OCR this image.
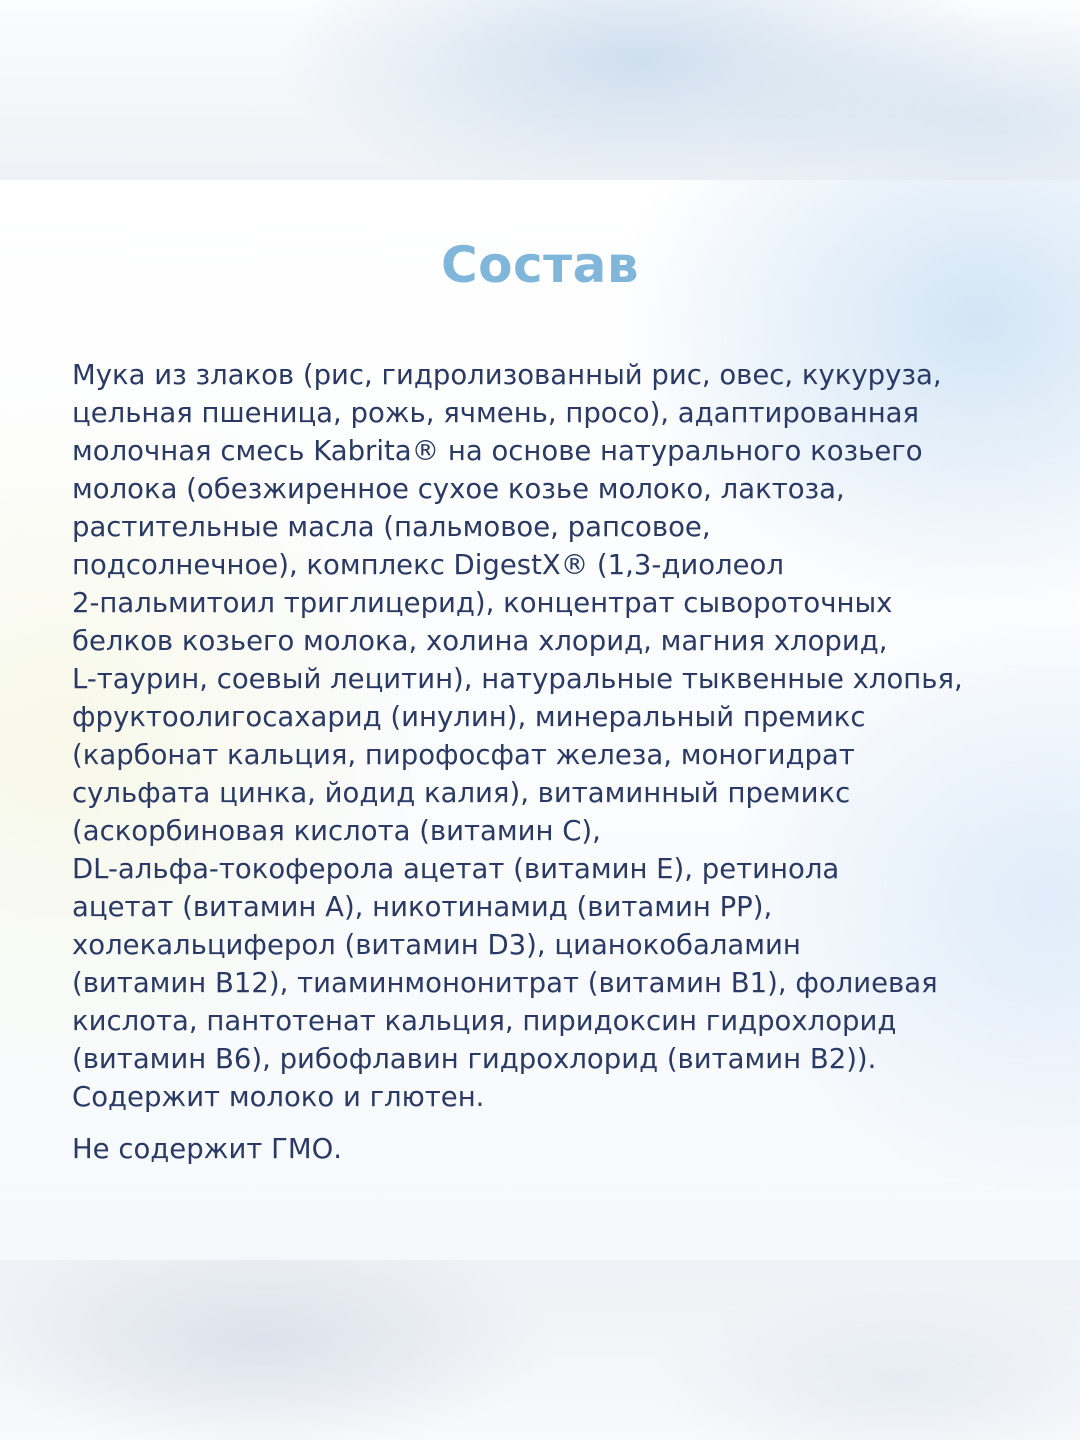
Состав

Мука из злаков (рис, гидролизованный рис, овес, кукуруза,
цельная пшеница, рожь, ячмень, просо), адаптированная
молочная смесь Kabrita® на основе натурального козьего
молока (обезжиренное сухое козье молоко, лактоза,
растительные масла (пальмовое, рапсовое,
подсолнечное), комплекс DigestX® (1,3-диолеол
2-пальмитоил триглицерид), концентрат сывороточных
белков козьего молока, холина хлорид, магния хлорид,
L-таурин, соевый лецитин), натуральные тыквенные хлопья,
фруктоолигосахарид (инулин), минеральный премикс
(карбонат кальция, пирофосфат железа, моногидрат
сульфата цинка, йодид калия), витаминный премикс
(аскорбиновая кислота (витамин С),
DL-альфа-токоферола ацетат (витамин Е), ретинола
ацетат (витамин А), никотинамид (витамин РР),
холекальциферол (витамин D3), цианокобаламин
(витамин В12), тиаминмононитрат (витамин В1), фолиевая
кислота, пантотенат кальция, пиридоксин гидрохлорид
(витамин В6), рибофлавин гидрохлорид (витамин В2)).
Содержит молоко и глютен.

Не содержит ГМО.
